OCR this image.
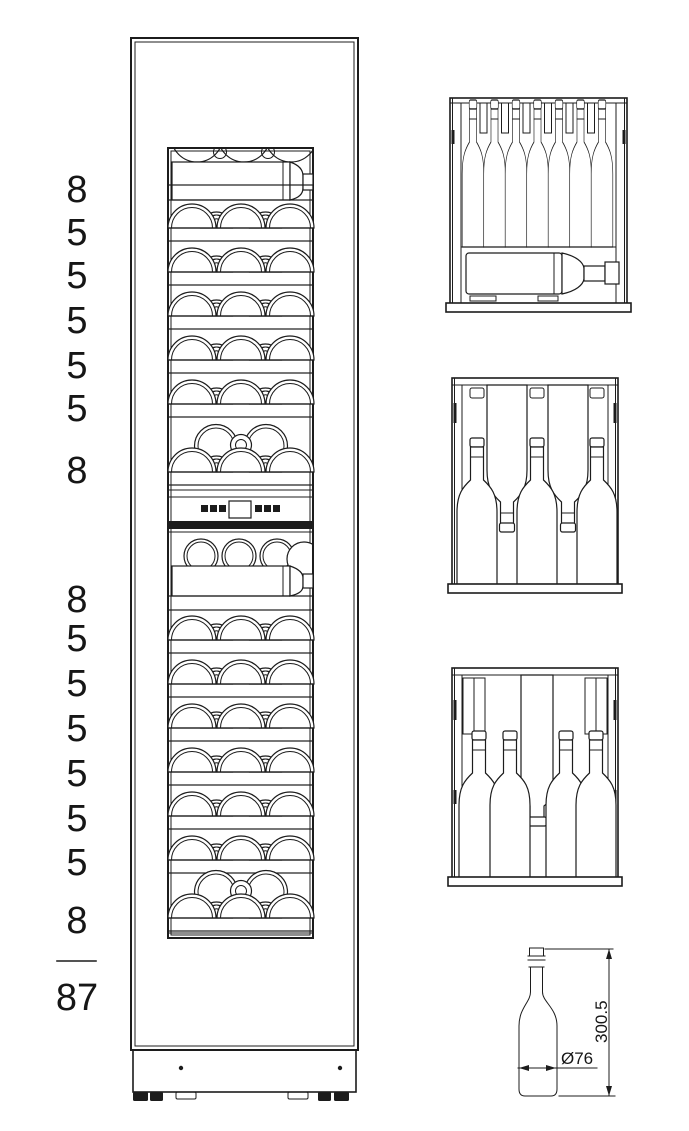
8
5
5
5
5
5
8
8
5
5
5
5
5
5
8
87
300.5
Ø76
